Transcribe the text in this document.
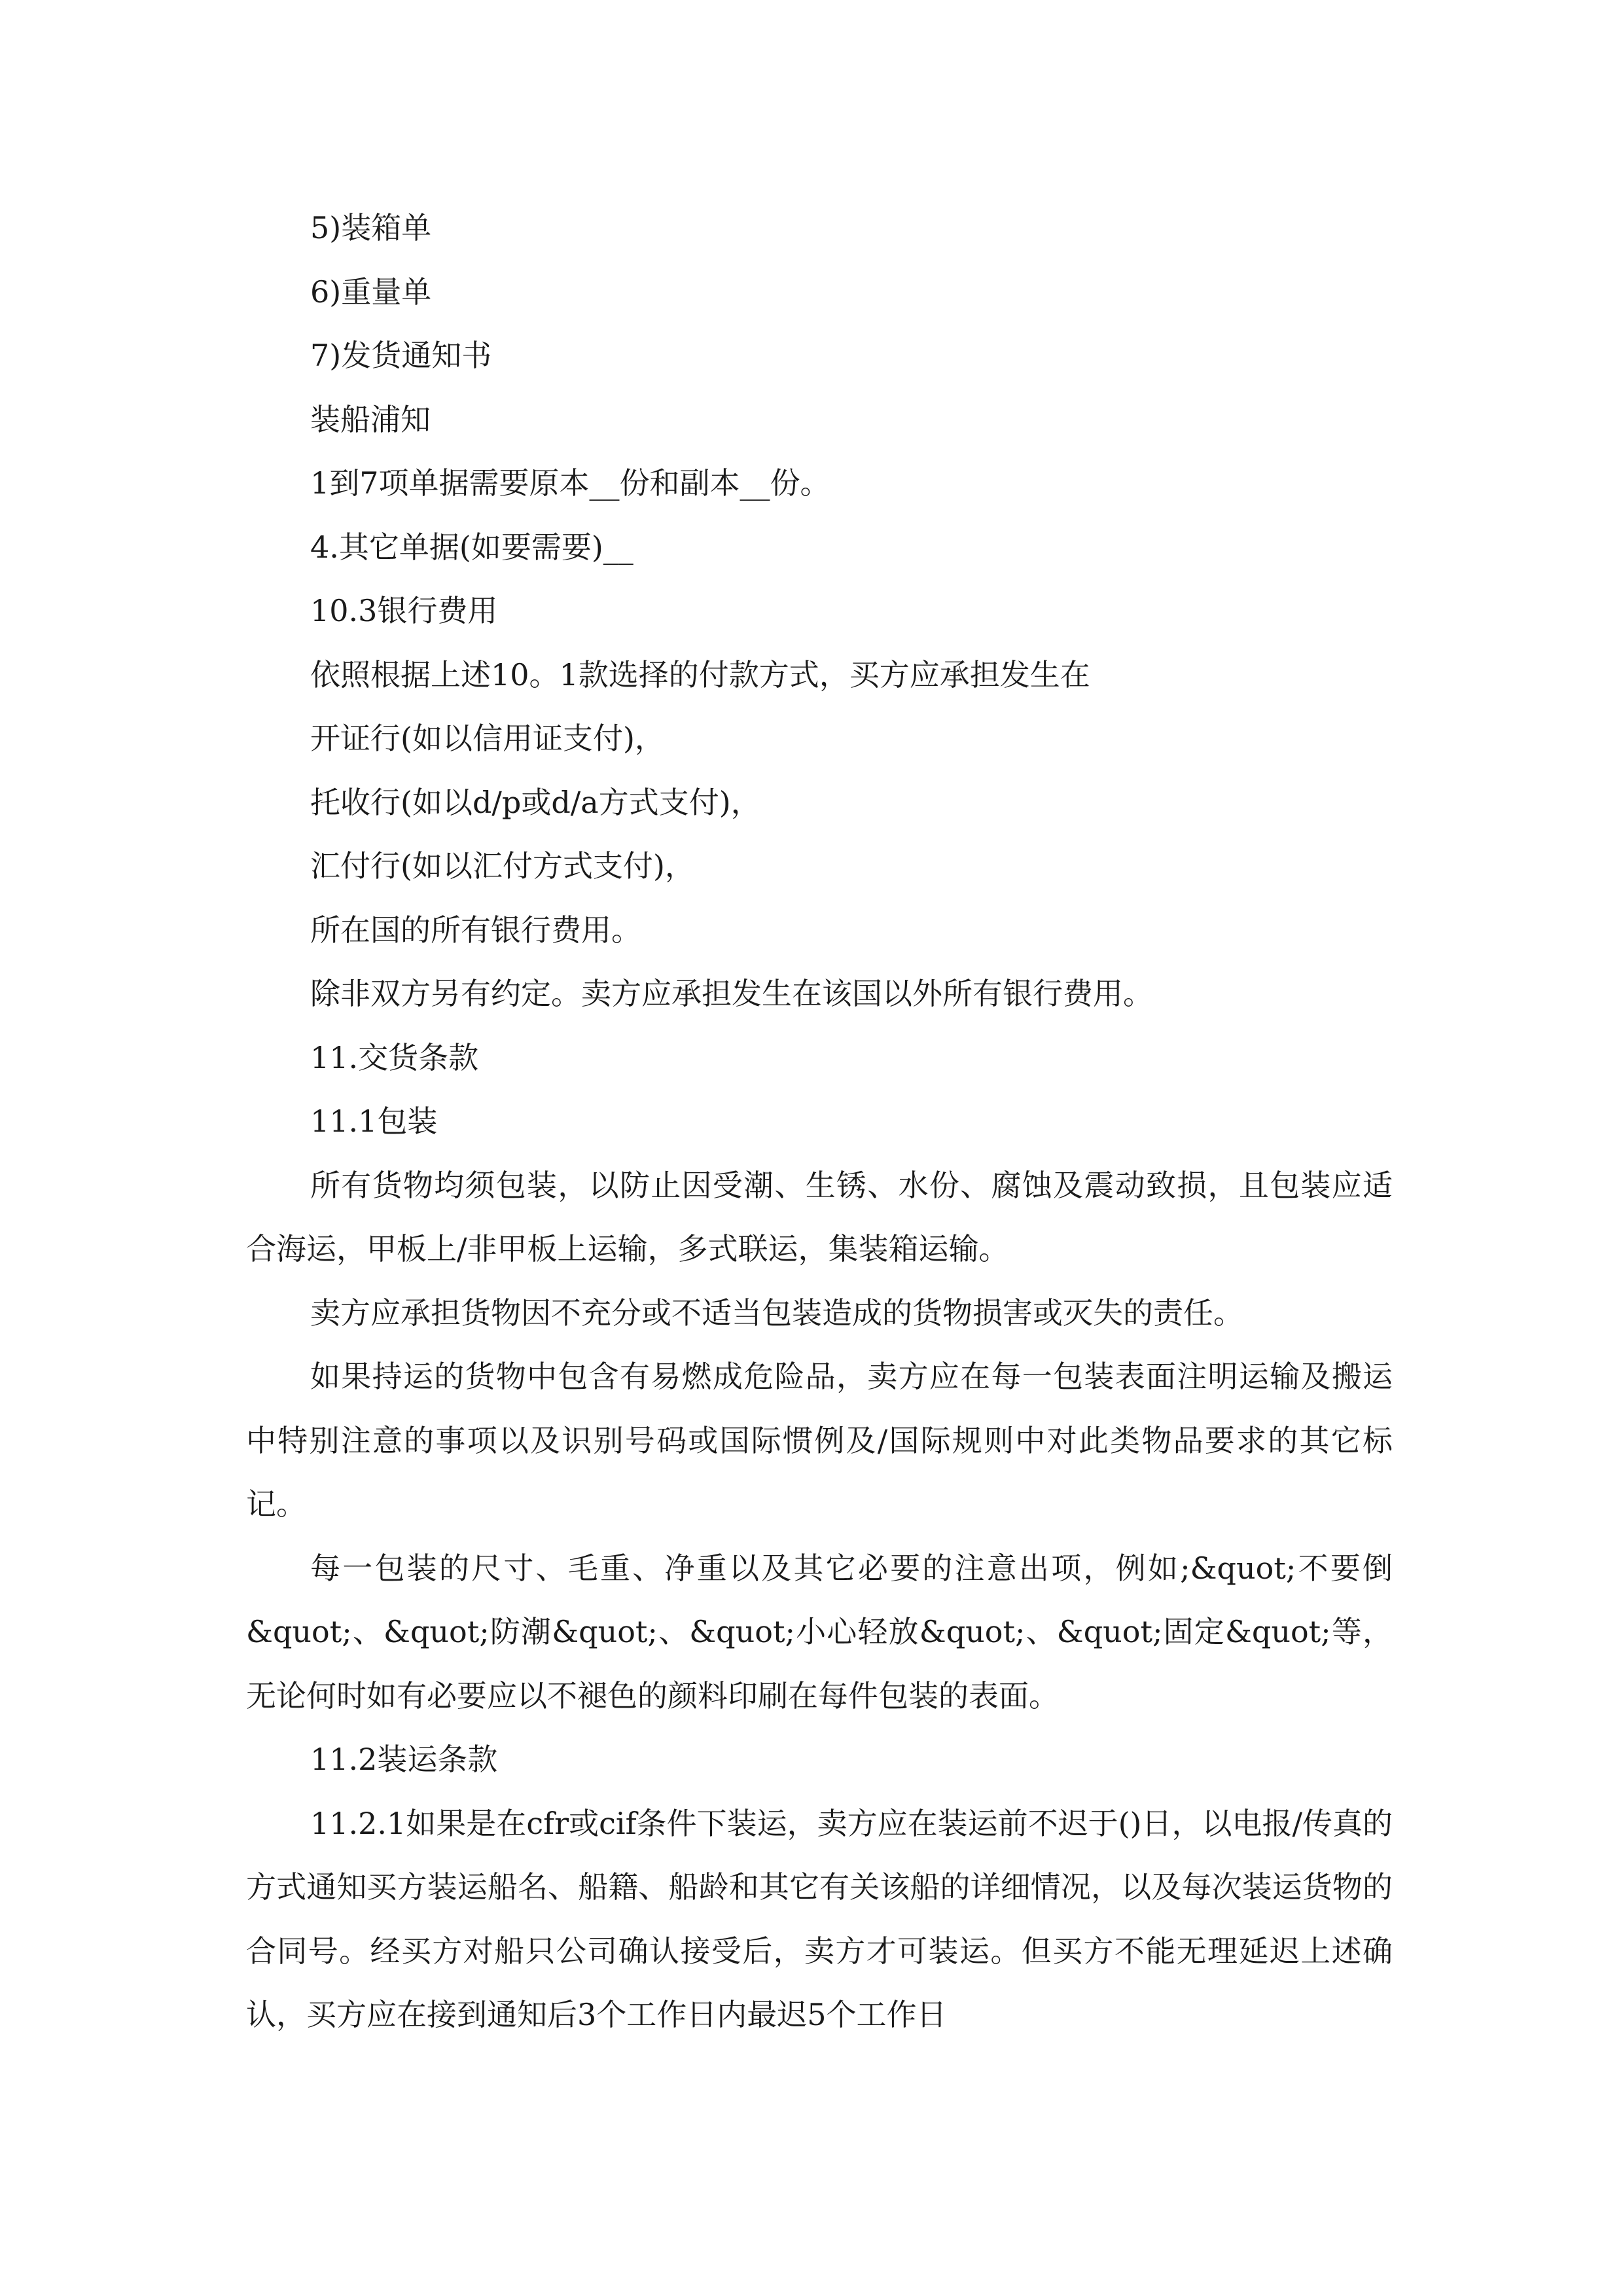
5)装箱单

6)重量单

7)发货通知书

装船浦知

1到7项单据需要原本__份和副本__份。

4.其它单据(如要需要)__

10.3银行费用

依照根据上述10。1款选择的付款方式，买方应承担发生在

开证行(如以信用证支付)，

托收行(如以d/p或d/a方式支付)，

汇付行(如以汇付方式支付)，

所在国的所有银行费用。

除非双方另有约定。卖方应承担发生在该国以外所有银行费用。

11.交货条款

11.1包装

所有货物均须包装，以防止因受潮、生锈、水份、腐蚀及震动致损，且包装应适合海运，甲板上/非甲板上运输，多式联运，集装箱运输。

卖方应承担货物因不充分或不适当包装造成的货物损害或灭失的责任。

如果持运的货物中包含有易燃成危险品，卖方应在每一包装表面注明运输及搬运中特别注意的事项以及识别号码或国际惯例及/国际规则中对此类物品要求的其它标记。

每一包装的尺寸、毛重、净重以及其它必要的注意出项，例如;&quot;不要倒&quot;、&quot;防潮&quot;、&quot;小心轻放&quot;、&quot;固定&quot;等，无论何时如有必要应以不褪色的颜料印刷在每件包装的表面。

11.2装运条款

11.2.1如果是在cfr或cif条件下装运，卖方应在装运前不迟于()日，以电报/传真的方式通知买方装运船名、船籍、船龄和其它有关该船的详细情况，以及每次装运货物的合同号。经买方对船只公司确认接受后，卖方才可装运。但买方不能无理延迟上述确认，买方应在接到通知后3个工作日内最迟5个工作日
